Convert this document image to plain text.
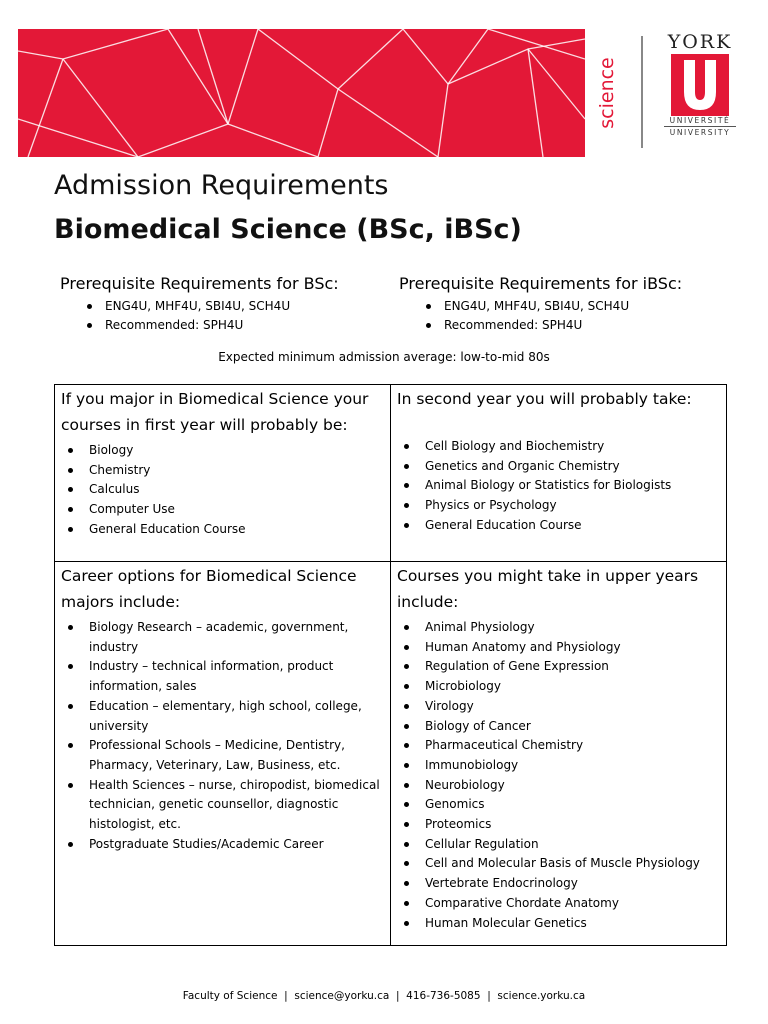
science
YORK
UNIVERSITÉ
UNIVERSITY
Admission Requirements
Biomedical Science (BSc, iBSc)
Prerequisite Requirements for BSc:
ENG4U, MHF4U, SBI4U, SCH4U
Recommended: SPH4U
Prerequisite Requirements for iBSc:
ENG4U, MHF4U, SBI4U, SCH4U
Recommended: SPH4U
Expected minimum admission average: low-to-mid 80s
If you major in Biomedical Science your courses in first year will probably be:
Biology
Chemistry
Calculus
Computer Use
General Education Course
In second year you will probably take:
Cell Biology and Biochemistry
Genetics and Organic Chemistry
Animal Biology or Statistics for Biologists
Physics or Psychology
General Education Course
Career options for Biomedical Science majors include:
Biology Research – academic, government, industry
Industry – technical information, product information, sales
Education – elementary, high school, college, university
Professional Schools – Medicine, Dentistry, Pharmacy, Veterinary, Law, Business, etc.
Health Sciences – nurse, chiropodist, biomedical technician, genetic counsellor, diagnostic histologist, etc.
Postgraduate Studies/Academic Career
Courses you might take in upper years include:
Animal Physiology
Human Anatomy and Physiology
Regulation of Gene Expression
Microbiology
Virology
Biology of Cancer
Pharmaceutical Chemistry
Immunobiology
Neurobiology
Genomics
Proteomics
Cellular Regulation
Cell and Molecular Basis of Muscle Physiology
Vertebrate Endocrinology
Comparative Chordate Anatomy
Human Molecular Genetics
Faculty of Science  |  science@yorku.ca  |  416-736-5085  |  science.yorku.ca
